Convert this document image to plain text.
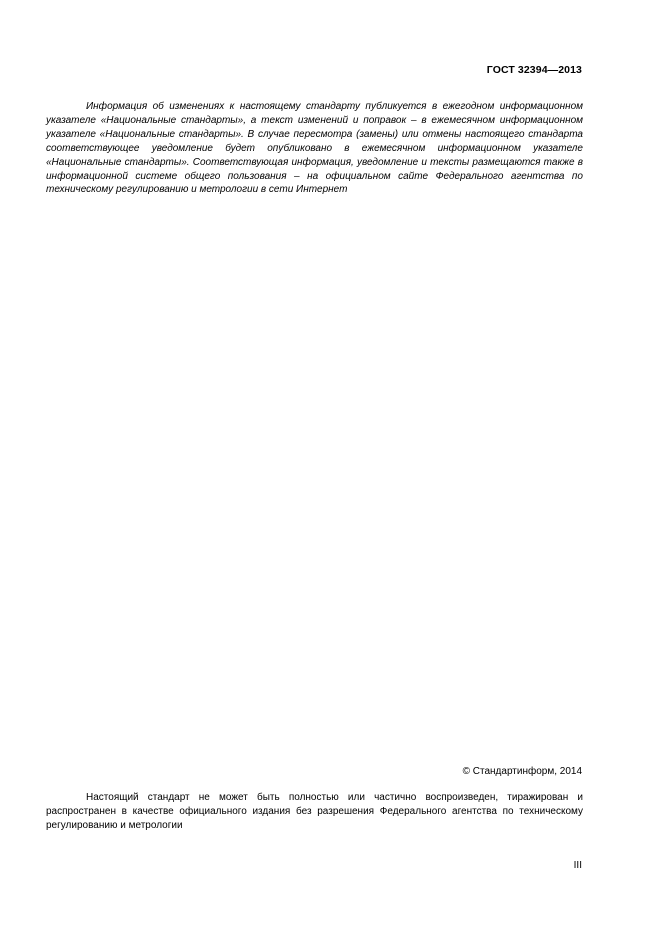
ГОСТ 32394—2013

Информация об изменениях к настоящему стандарту публикуется в ежегодном информационном указателе «Национальные стандарты», а текст изменений и поправок – в ежемесячном информационном указателе «Национальные стандарты». В случае пересмотра (замены) или отмены настоящего стандарта соответствующее уведомление будет опубликовано в ежемесячном информационном указателе «Национальные стандарты». Соответствующая информация, уведомление и тексты размещаются также в информационной системе общего пользования – на официальном сайте Федерального агентства по техническому регулированию и метрологии в сети Интернет

© Стандартинформ, 2014

Настоящий стандарт не может быть полностью или частично воспроизведен, тиражирован и распространен в качестве официального издания без разрешения Федерального агентства по техническому регулированию и метрологии

III
